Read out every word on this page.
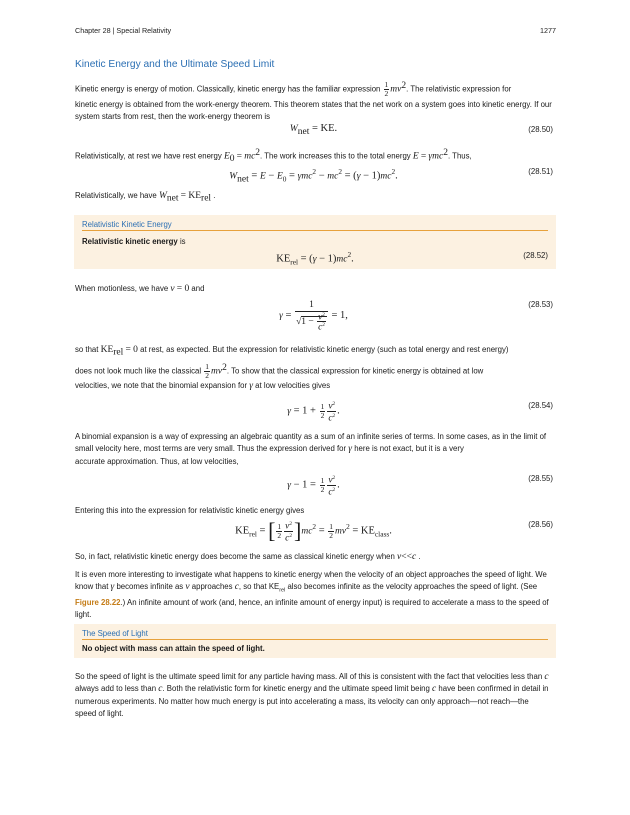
Chapter 28 | Special Relativity	1277
Kinetic Energy and the Ultimate Speed Limit
Kinetic energy is energy of motion. Classically, kinetic energy has the familiar expression $\frac{1}{2} mv^2$. The relativistic expression for
kinetic energy is obtained from the work-energy theorem. This theorem states that the net work on a system goes into kinetic energy. If our system starts from rest, then the work-energy theorem is
$W_{net}$ = KE.	(28.50)
Relativistically, at rest we have rest energy $E_0 = mc^2$. The work increases this to the total energy E = γmc$^2$. Thus,
$W_{net} = E - E_0 = \gamma mc^2 - mc^2 = (\gamma - 1)mc^2$.	(28.51)
Relativistically, we have $W_{net} = KE_{rel}$ .
Relativistic Kinetic Energy
Relativistic kinetic energy is
$KE_{rel} = (\gamma - 1)mc^2$.	(28.52)
When motionless, we have v = 0 and
$\gamma = \frac{1}{√1 - \frac{v^2}{c^2}} = 1$,
(28.53)
so that $KE_{rel} = 0$ at rest, as expected. But the expression for relativistic kinetic energy (such as total energy and rest energy)
does not look much like the classical $\frac{1}{2} mv^2$. To show that the classical expression for kinetic energy is obtained at low
velocities, we note that the binomial expansion for γ at low velocities gives
$\gamma = 1 + \frac{1}{2} \frac{v^2}{c^2}$ .	(28.54)
A binomial expansion is a way of expressing an algebraic quantity as a sum of an infinite series of terms. In some cases, as in the limit of small velocity here, most terms are very small. Thus the expression derived for γ here is not exact, but it is a very
accurate approximation. Thus, at low velocities,
$\gamma - 1 = \frac{1}{2} \frac{v^2}{c^2}$ .
(28.55)
Entering this into the expression for relativistic kinetic energy gives
$KE_{rel}$ = [ $\frac{1}{2} \frac{v^2}{c^2} ]mc^2 = \frac{1}{2} mv^2 = KE_{class}$.
(28.56)
So, in fact, relativistic kinetic energy does become the same as classical kinetic energy when v<<c .
It is even more interesting to investigate what happens to kinetic energy when the velocity of an object approaches the speed of light. We know that γ becomes infinite as v approaches c, so that $KE_{rel}$ also becomes infinite as the velocity approaches the speed of light. (See Figure 28.22.) An infinite amount of work (and, hence, an infinite amount of energy input) is required to accelerate a mass to the speed of light.
The Speed of Light
No object with mass can attain the speed of light.
So the speed of light is the ultimate speed limit for any particle having mass. All of this is consistent with the fact that velocities less than c always add to less than c. Both the relativistic form for kinetic energy and the ultimate speed limit being c have been confirmed in detail in numerous experiments. No matter how much energy is put into accelerating a mass, its velocity can only approach—not reach—the speed of light.
